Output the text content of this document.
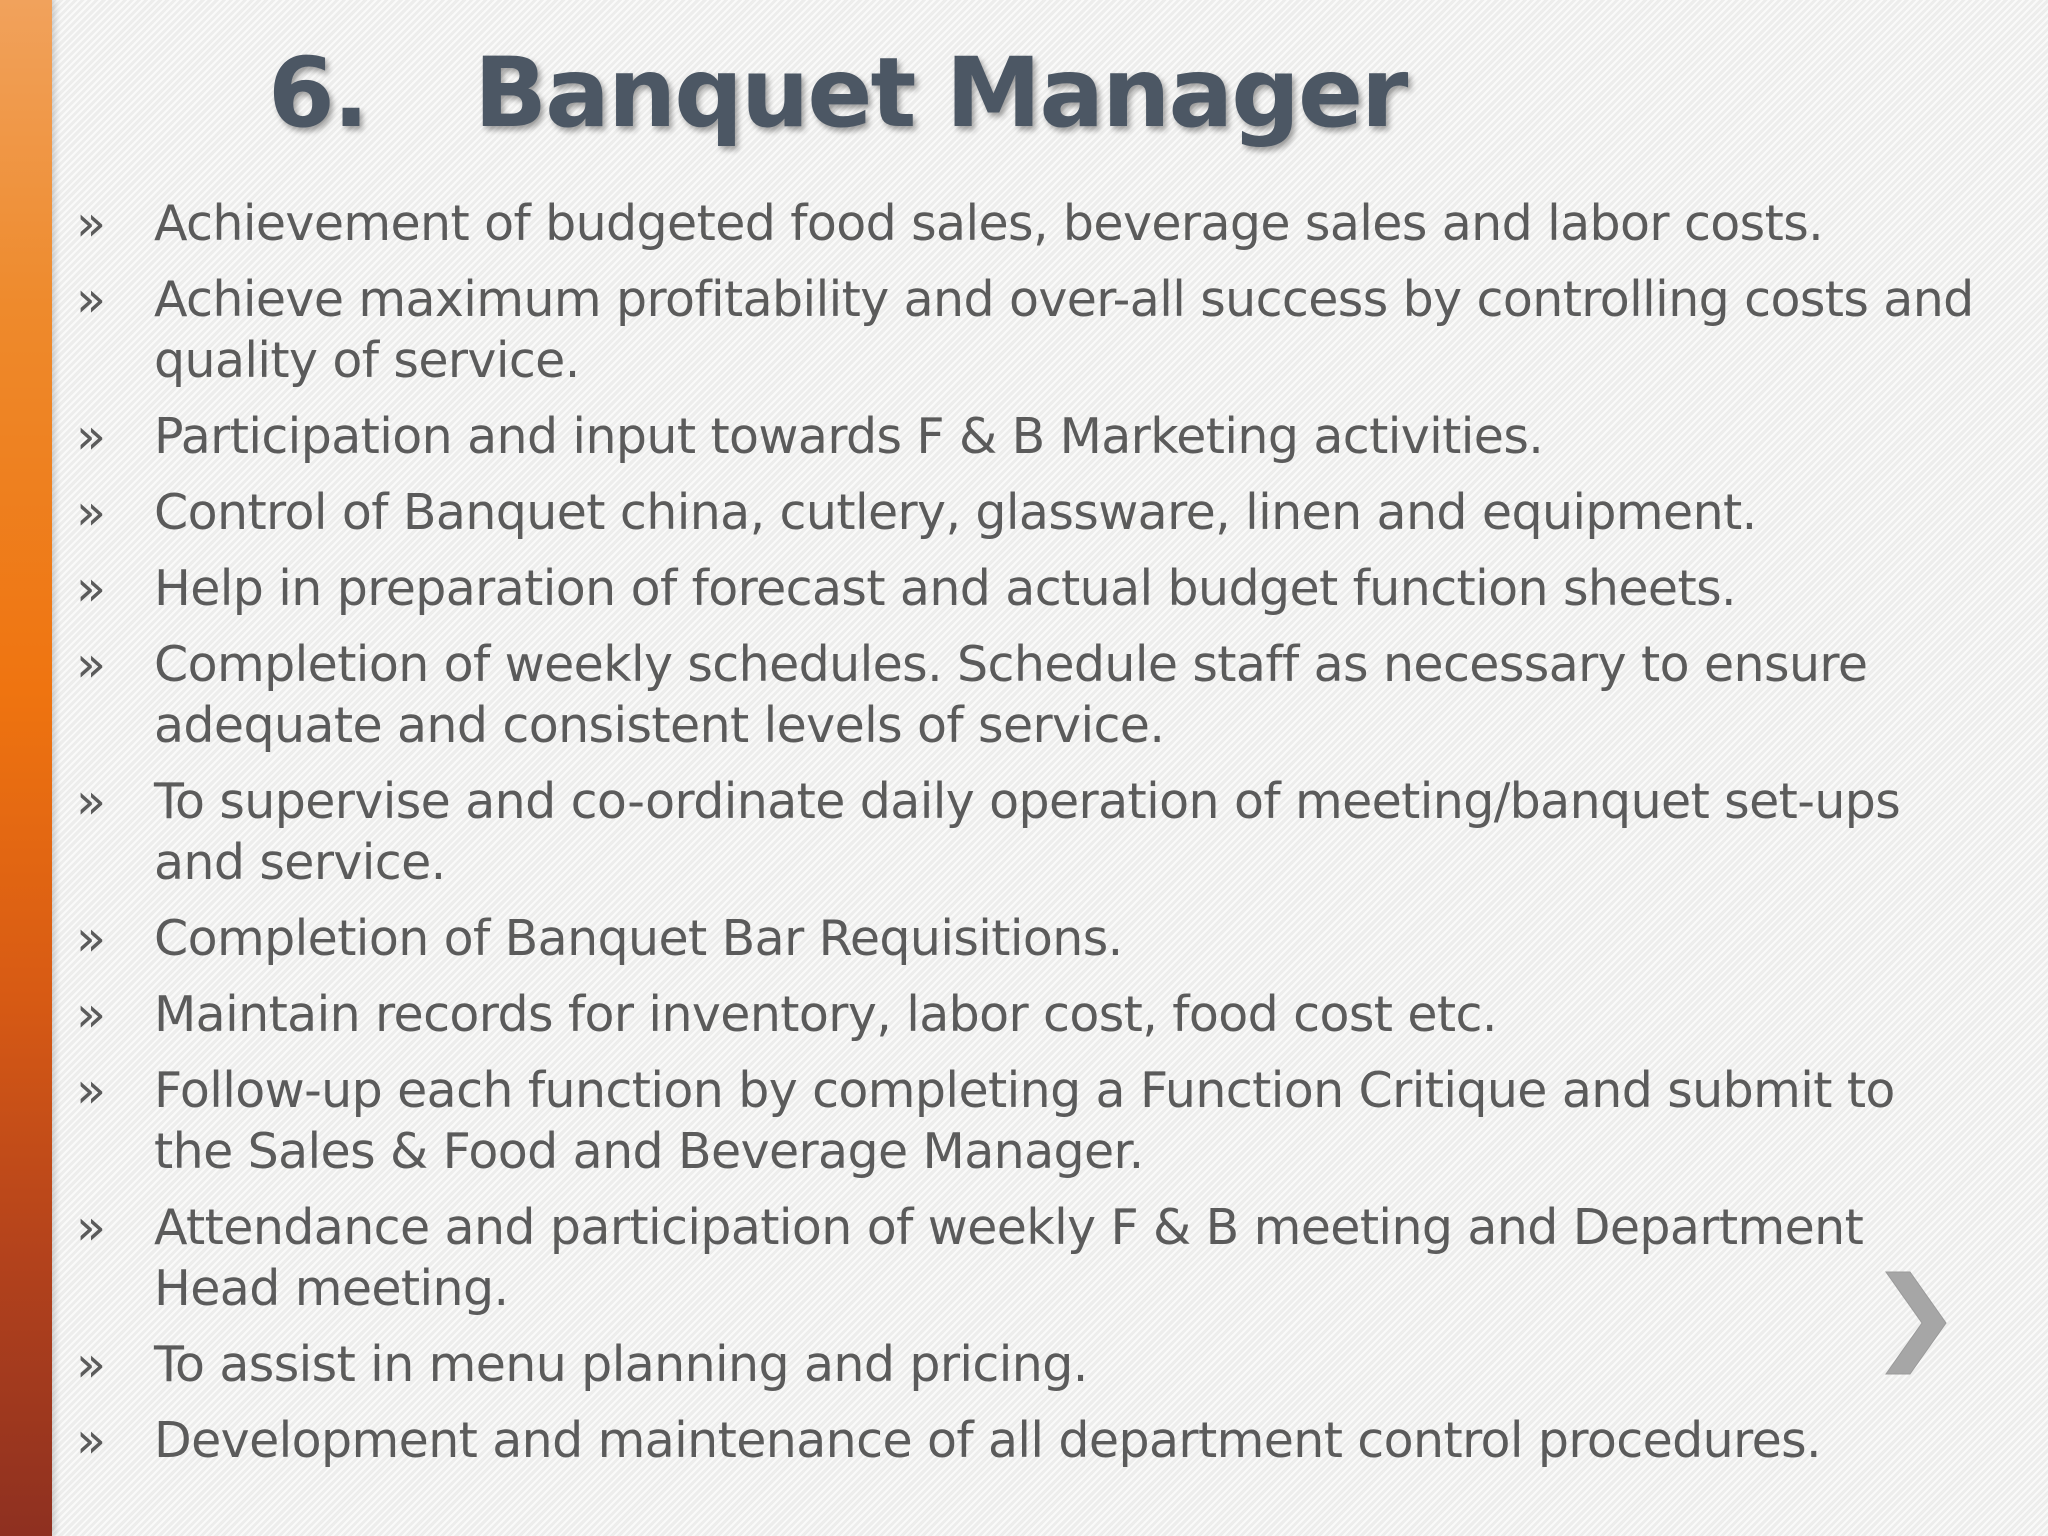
6. Banquet Manager
» Achievement of budgeted food sales, beverage sales and labor costs.
» Achieve maximum profitability and over-all success by controlling costs and quality of service.
» Participation and input towards F & B Marketing activities.
» Control of Banquet china, cutlery, glassware, linen and equipment.
» Help in preparation of forecast and actual budget function sheets.
» Completion of weekly schedules. Schedule staff as necessary to ensure adequate and consistent levels of service.
» To supervise and co-ordinate daily operation of meeting/banquet set-ups and service.
» Completion of Banquet Bar Requisitions.
» Maintain records for inventory, labor cost, food cost etc.
» Follow-up each function by completing a Function Critique and submit to the Sales & Food and Beverage Manager.
» Attendance and participation of weekly F & B meeting and Department Head meeting.
» To assist in menu planning and pricing.
» Development and maintenance of all department control procedures.
